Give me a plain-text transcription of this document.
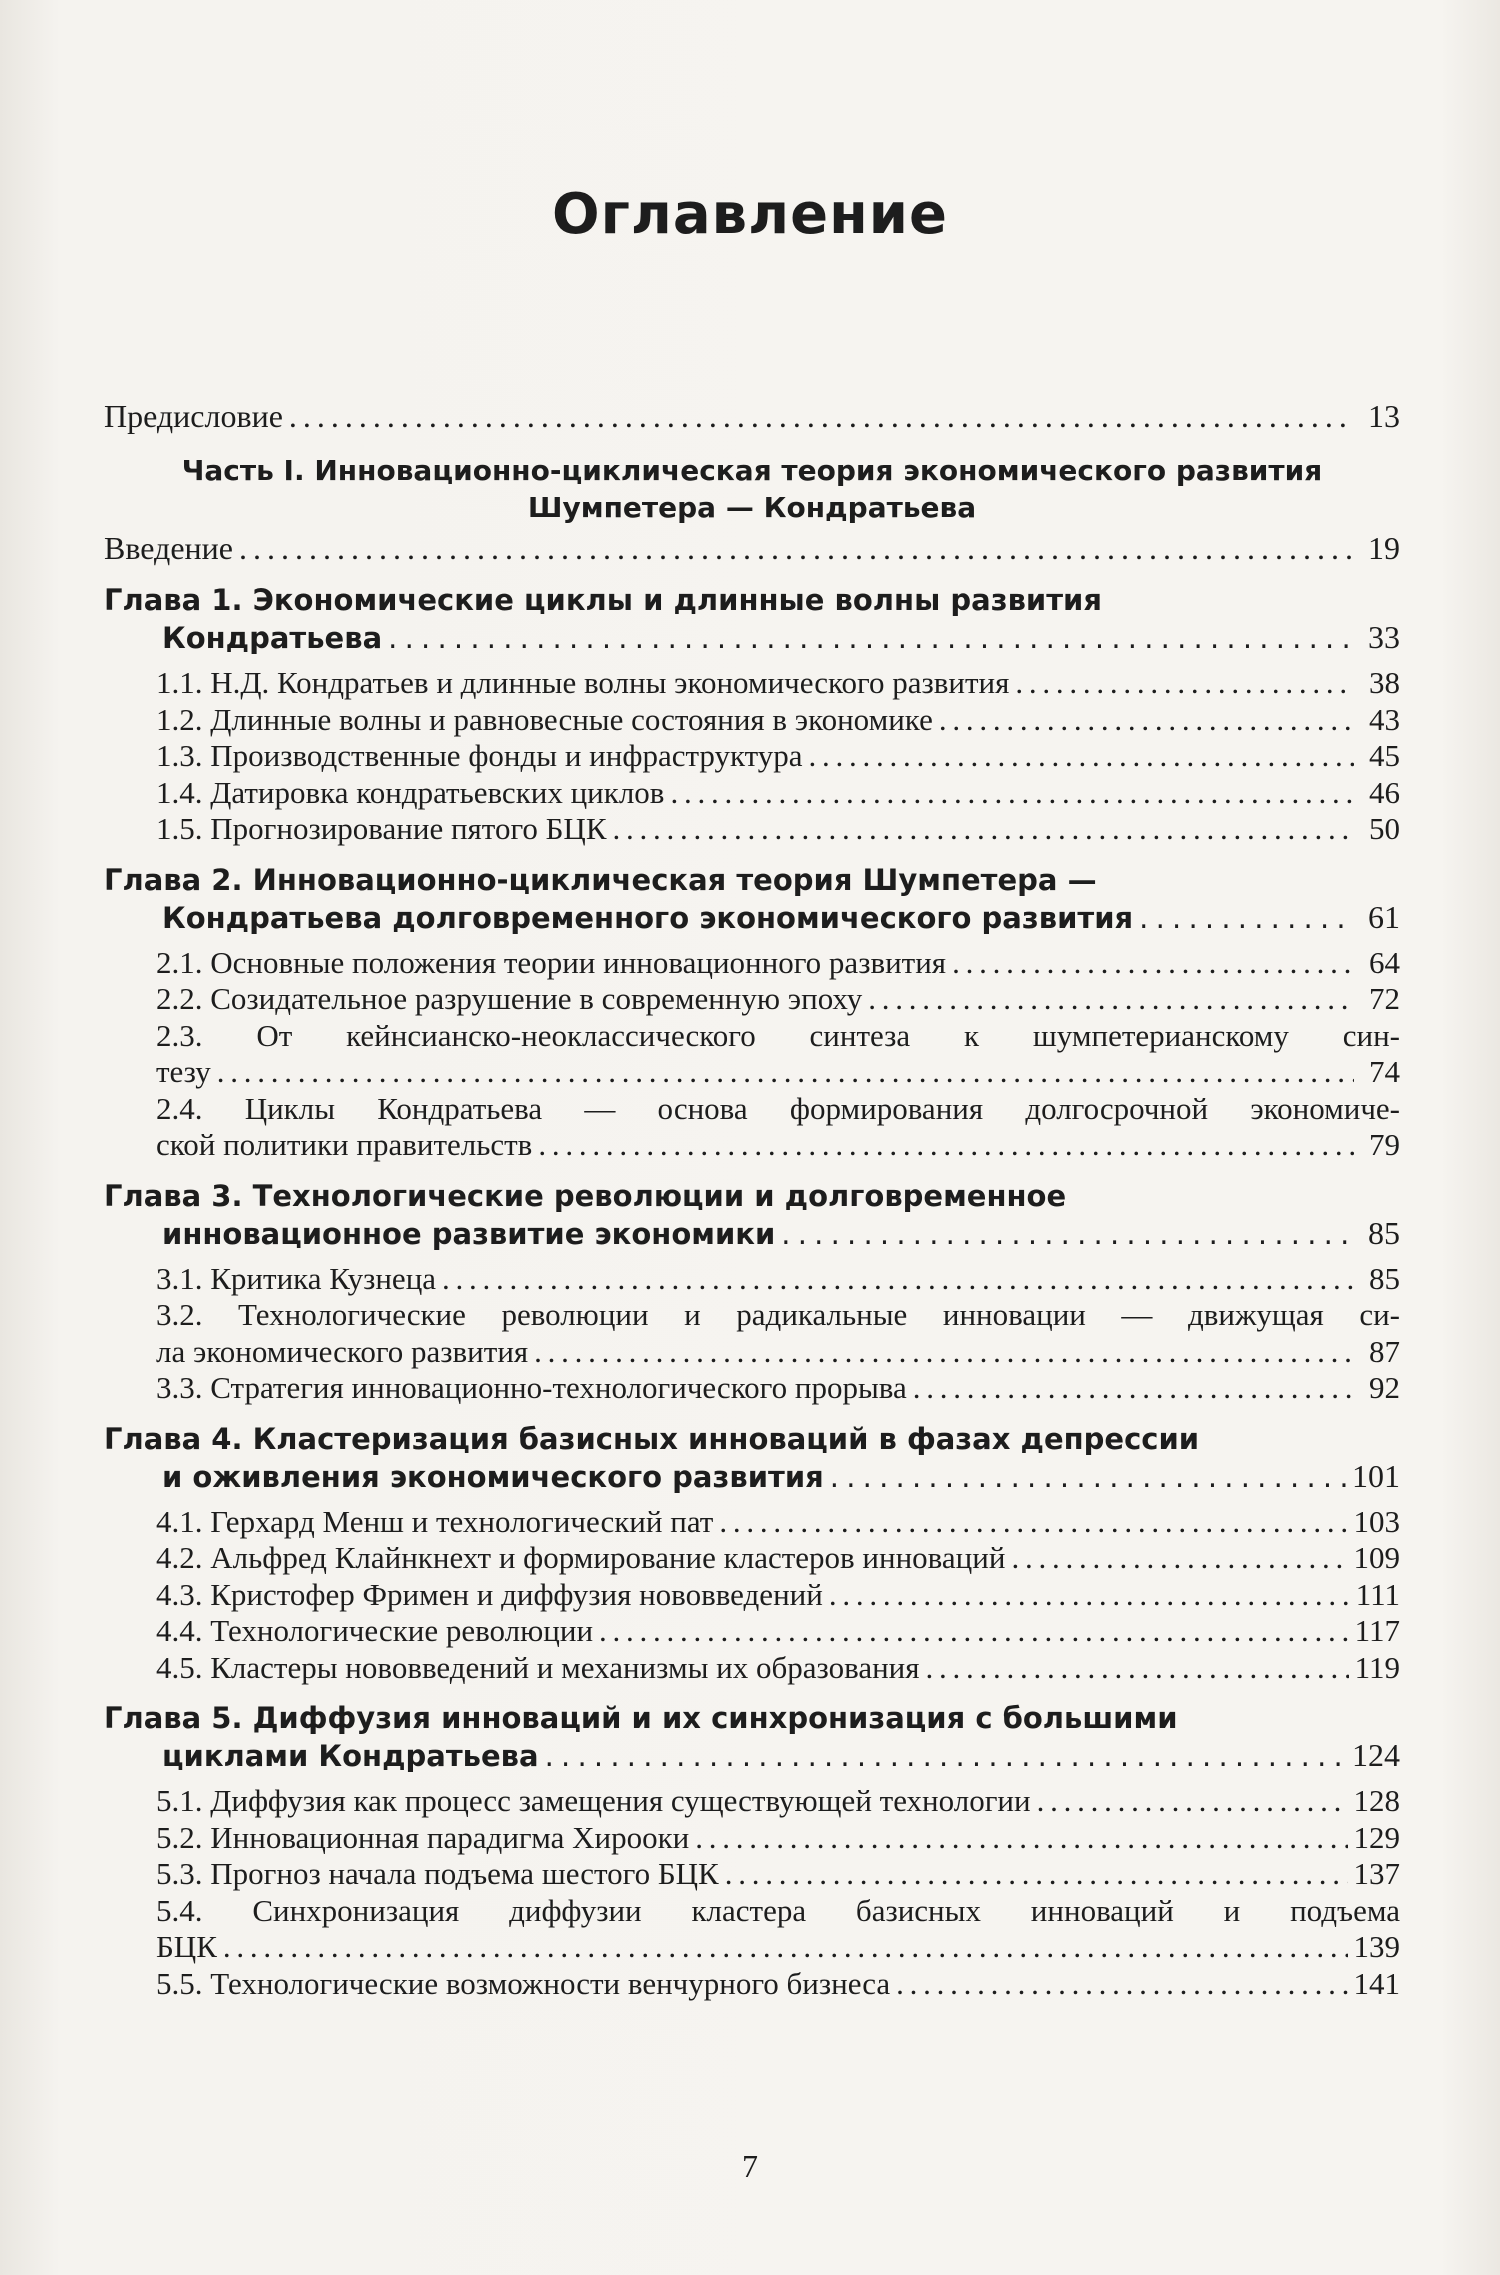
Оглавление
Предисловие . . .	13
Часть I. Инновационно-циклическая теория экономического развития
Шумпетера — Кондратьева
Введение . . .	19
Глава 1. Экономические циклы и длинные волны развития
Кондратьева . . .	33
1.1. Н.Д. Кондратьев и длинные волны экономического развития . . .	38
1.2. Длинные волны и равновесные состояния в экономике . . .	43
1.3. Производственные фонды и инфраструктура . . .	45
1.4. Датировка кондратьевских циклов . . .	46
1.5. Прогнозирование пятого БЦК . . .	50
Глава 2. Инновационно-циклическая теория Шумпетера —
Кондратьева долговременного экономического развития . . .	61
2.1. Основные положения теории инновационного развития . . .	64
2.2. Созидательное разрушение в современную эпоху . . .	72
2.3. От кейнсианско-неоклассического синтеза к шумпетерианскому син-
тезу . . .	74
2.4. Циклы Кондратьева — основа формирования долгосрочной экономиче-
ской политики правительств . . .	79
Глава 3. Технологические революции и долговременное
инновационное развитие экономики . . .	85
3.1. Критика Кузнеца . . .	85
3.2. Технологические революции и радикальные инновации — движущая си-
ла экономического развития . . .	87
3.3. Стратегия инновационно-технологического прорыва . . .	92
Глава 4. Кластеризация базисных инноваций в фазах депрессии
и оживления экономического развития . . .	101
4.1. Герхард Менш и технологический пат . . .	103
4.2. Альфред Клайнкнехт и формирование кластеров инноваций . . .	109
4.3. Кристофер Фримен и диффузия нововведений . . .	111
4.4. Технологические революции . . .	117
4.5. Кластеры нововведений и механизмы их образования . . .	119
Глава 5. Диффузия инноваций и их синхронизация с большими
циклами Кондратьева . . .	124
5.1. Диффузия как процесс замещения существующей технологии . . .	128
5.2. Инновационная парадигма Хирооки . . .	129
5.3. Прогноз начала подъема шестого БЦК . . .	137
5.4. Синхронизация диффузии кластера базисных инноваций и подъема
БЦК . . .	139
5.5. Технологические возможности венчурного бизнеса . . .	141
7
